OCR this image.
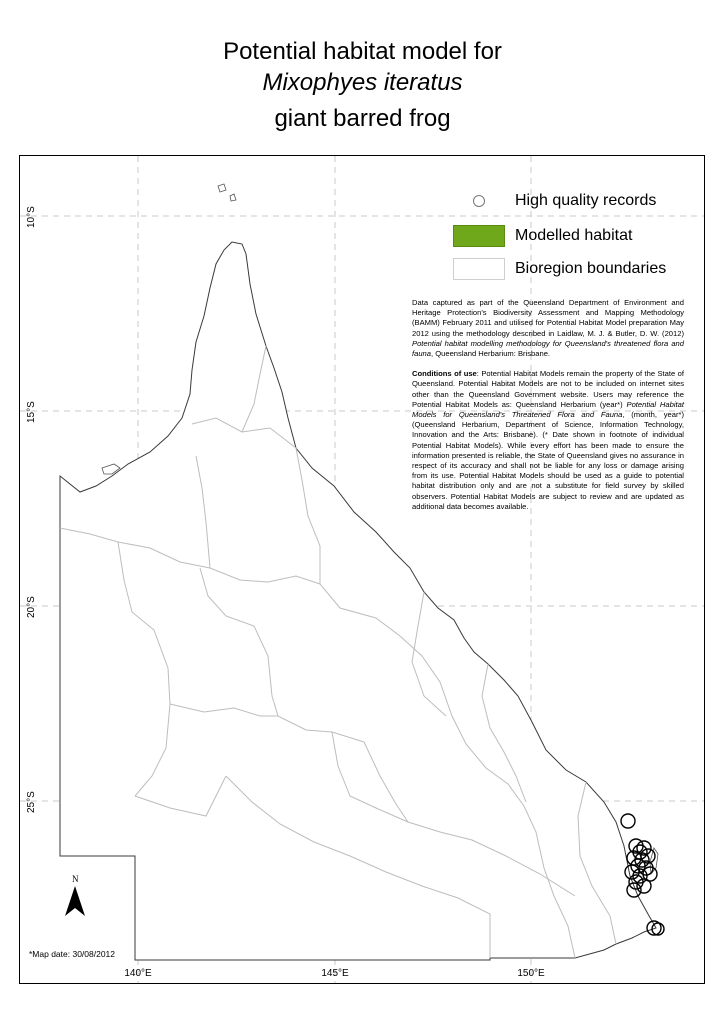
Potential habitat model for
Mixophyes iteratus
giant barred frog
10°S
15°S
20°S
25°S
140°E	145°E	150°E
High quality records
Modelled habitat
Bioregion boundaries

Data captured as part of the Queensland Department of Environment and Heritage Protection's Biodiversity Assessment and Mapping Methodology (BAMM) February 2011 and utilised for Potential Habitat Model preparation May 2012 using the methodology described in Laidlaw, M. J. & Butler, D. W. (2012) Potential habitat modelling methodology for Queensland's threatened flora and fauna, Queensland Herbarium: Brisbane.

Conditions of use: Potential Habitat Models remain the property of the State of Queensland. Potential Habitat Models are not to be included on internet sites other than the Queensland Government website. Users may reference the Potential Habitat Models as: Queensland Herbarium (year*) Potential Habitat Models for Queensland's Threatened Flora and Fauna, (month, year*) (Queensland Herbarium, Department of Science, Information Technology, Innovation and the Arts: Brisbane). (* Date shown in footnote of individual Potential Habitat Models). While every effort has been made to ensure the information presented is reliable, the State of Queensland gives no assurance in respect of its accuracy and shall not be liable for any loss or damage arising from its use. Potential Habitat Models should be used as a guide to potential habitat distribution only and are not a substitute for field survey by skilled observers. Potential Habitat Models are subject to review and are updated as additional data becomes available.

N
*Map date: 30/08/2012
